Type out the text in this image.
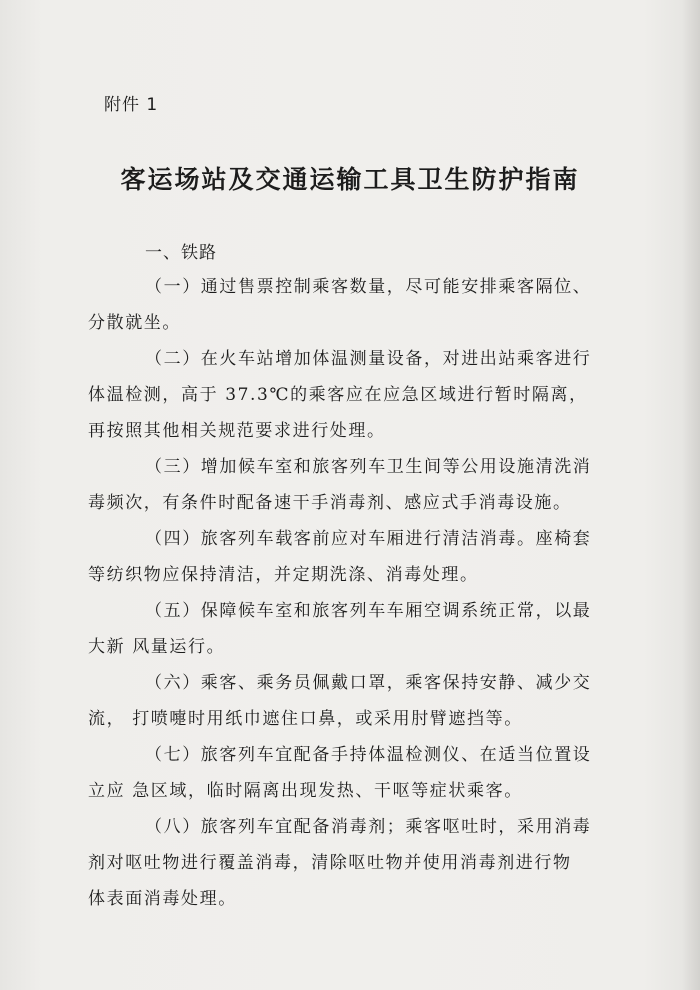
附件 1
客运场站及交通运输工具卫生防护指南
一、铁路
（一）通过售票控制乘客数量，尽可能安排乘客隔位、
分散就坐。
（二）在火车站增加体温测量设备，对进出站乘客进行
体温检测，高于 37.3℃的乘客应在应急区域进行暂时隔离，
再按照其他相关规范要求进行处理。
（三）增加候车室和旅客列车卫生间等公用设施清洗消
毒频次，有条件时配备速干手消毒剂、感应式手消毒设施。
（四）旅客列车载客前应对车厢进行清洁消毒。座椅套
等纺织物应保持清洁，并定期洗涤、消毒处理。
（五）保障候车室和旅客列车车厢空调系统正常，以最
大新 风量运行。
（六）乘客、乘务员佩戴口罩，乘客保持安静、减少交
流， 打喷嚏时用纸巾遮住口鼻，或采用肘臂遮挡等。
（七）旅客列车宜配备手持体温检测仪、在适当位置设
立应 急区域，临时隔离出现发热、干呕等症状乘客。
（八）旅客列车宜配备消毒剂；乘客呕吐时，采用消毒
剂对呕吐物进行覆盖消毒，清除呕吐物并使用消毒剂进行物
体表面消毒处理。
